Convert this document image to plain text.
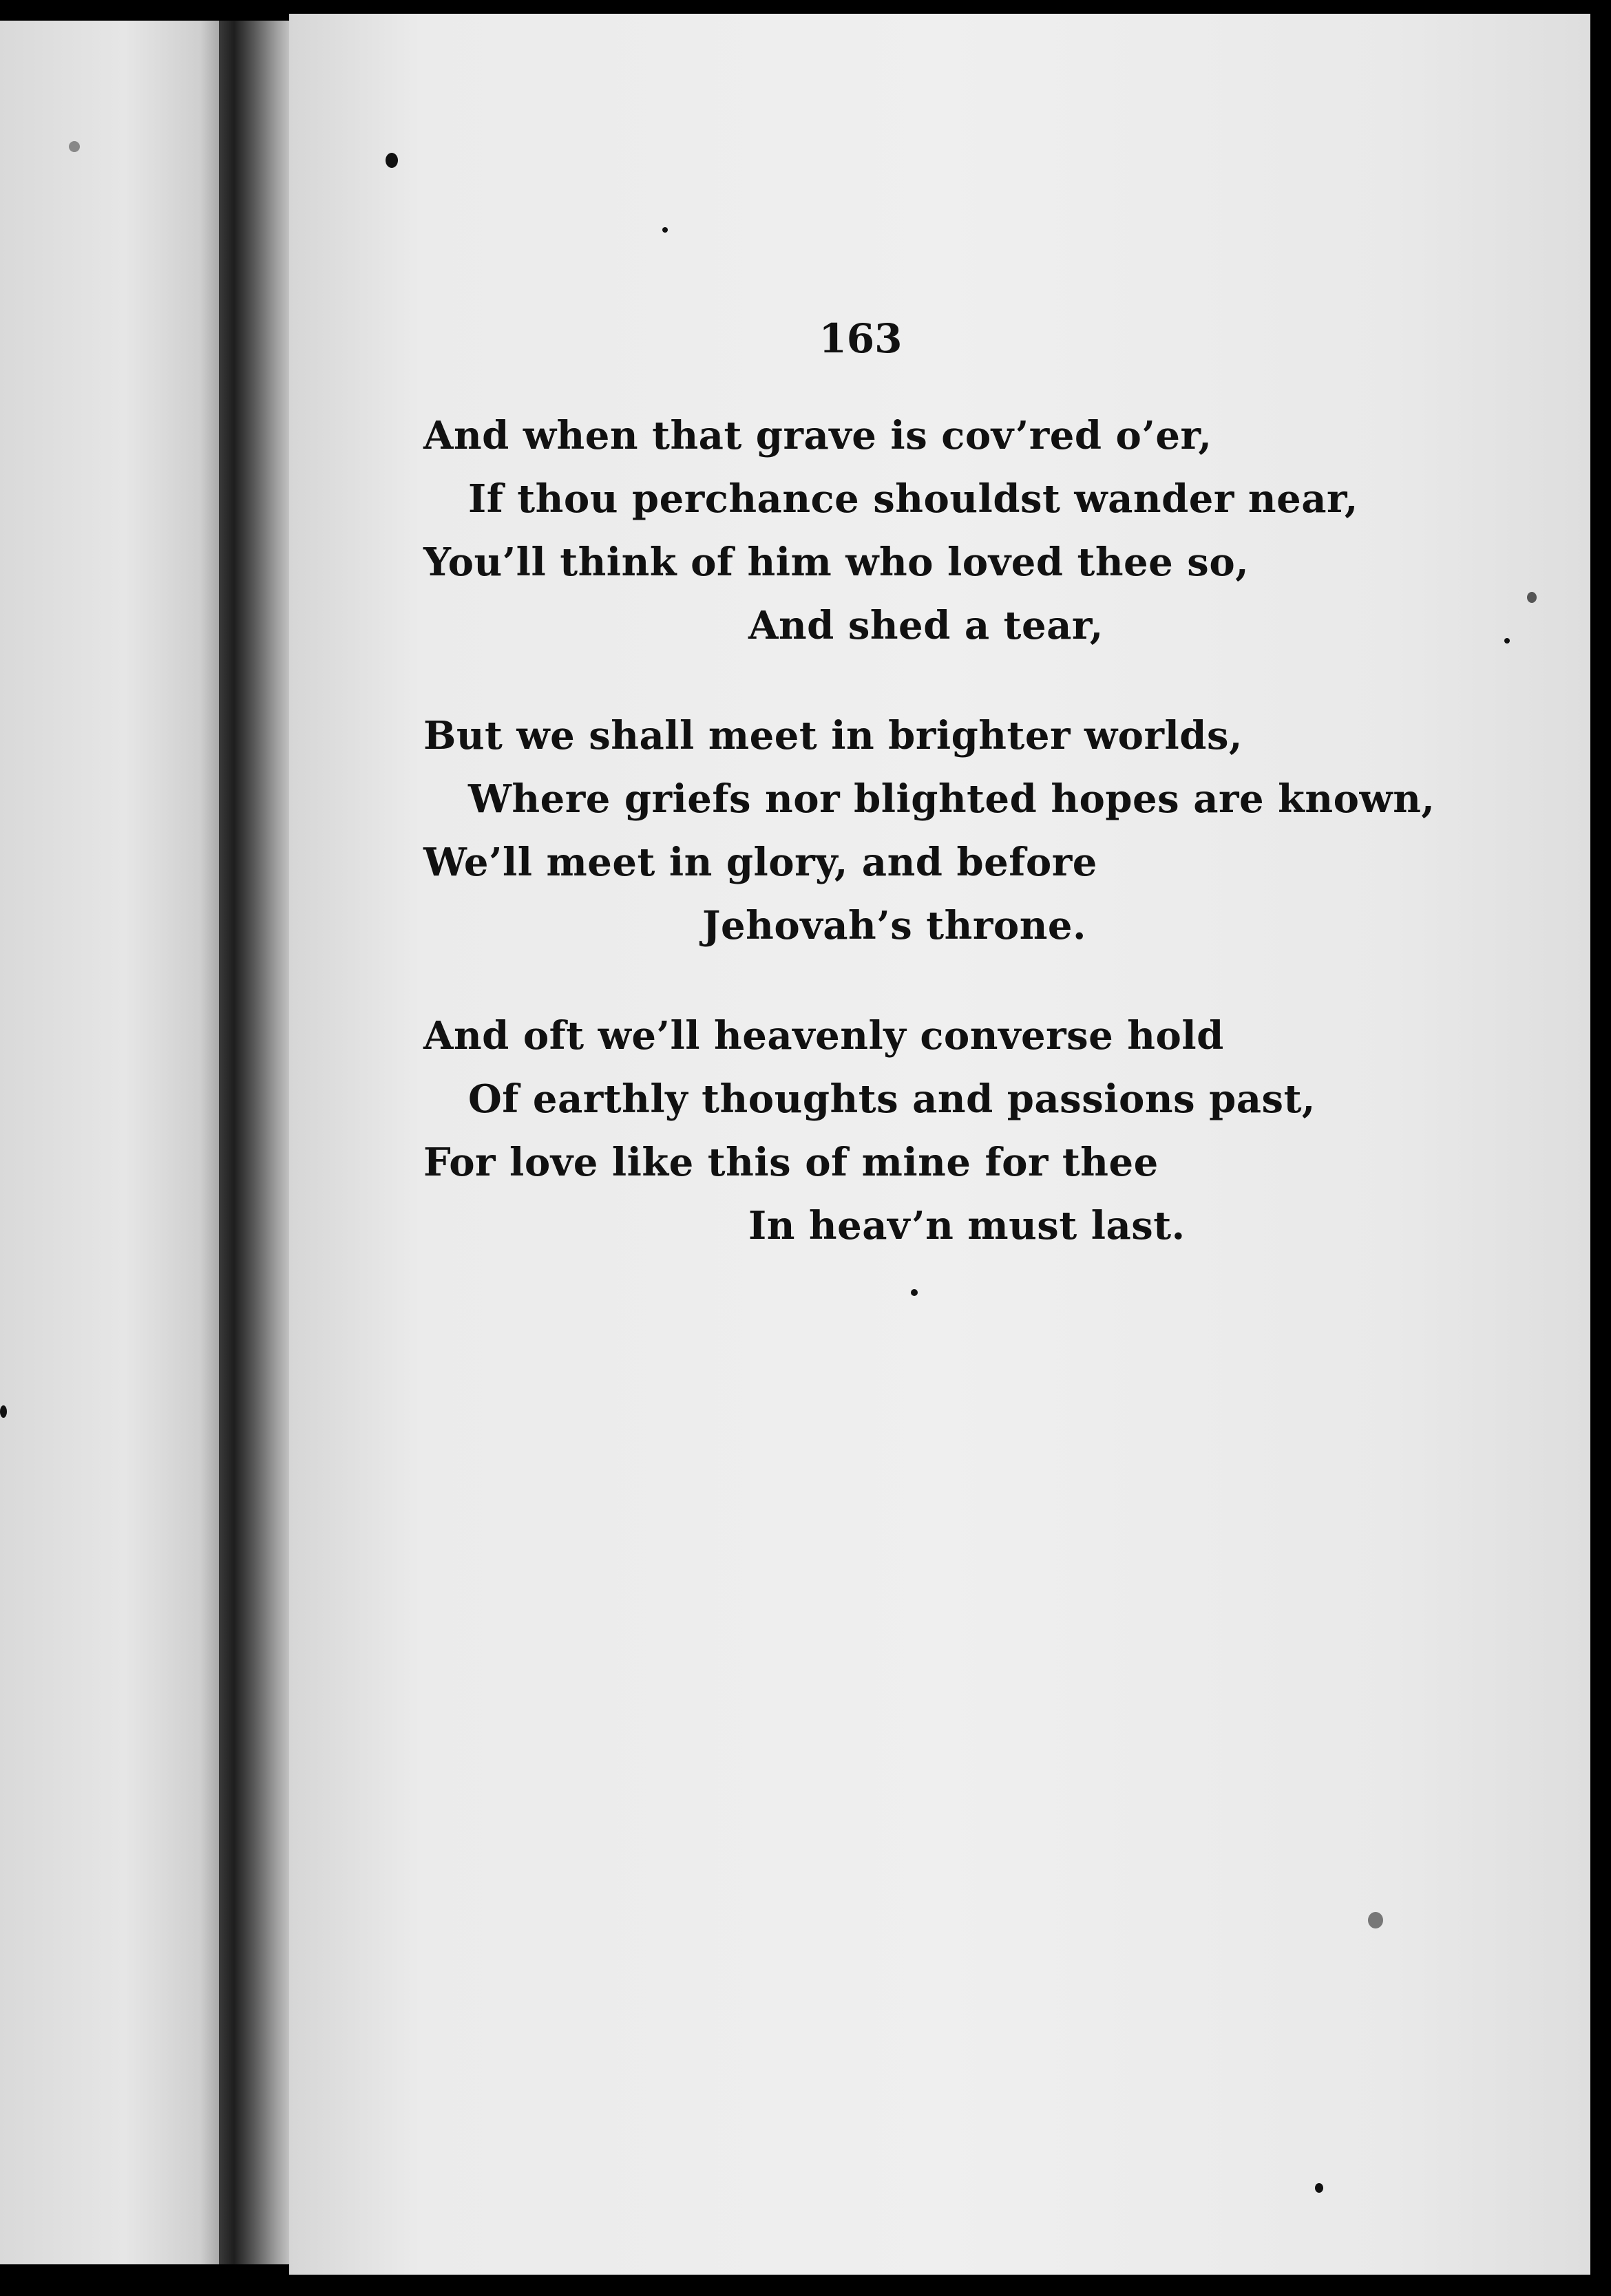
163
And when that grave is cov’red o’er,
If thou perchance shouldst wander near,
You’ll think of him who loved thee so,
And shed a tear,
But we shall meet in brighter worlds,
Where griefs nor blighted hopes are known,
We’ll meet in glory, and before
Jehovah’s throne.
And oft we’ll heavenly converse hold
Of earthly thoughts and passions past,
For love like this of mine for thee
In heav’n must last.
